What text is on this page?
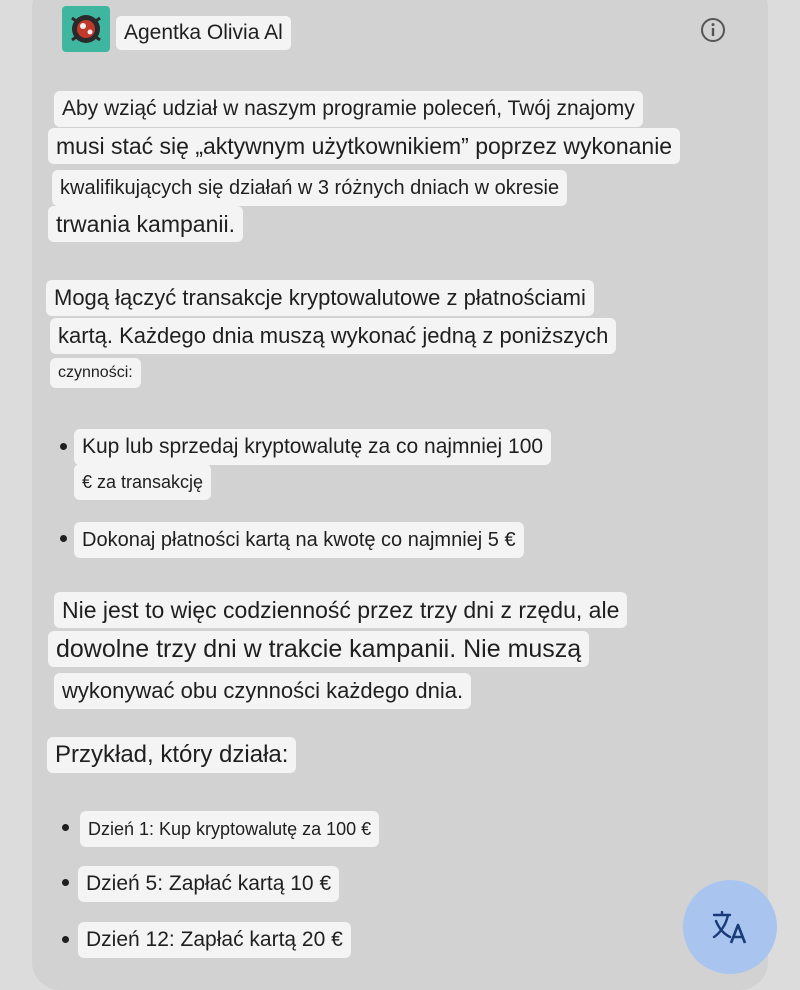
Agentka Olivia Al
Aby wziąć udział w naszym programie poleceń, Twój znajomy
musi stać się „aktywnym użytkownikiem” poprzez wykonanie
kwalifikujących się działań w 3 różnych dniach w okresie
trwania kampanii.
Mogą łączyć transakcje kryptowalutowe z płatnościami
kartą. Każdego dnia muszą wykonać jedną z poniższych
czynności:
Kup lub sprzedaj kryptowalutę za co najmniej 100
€ za transakcję
Dokonaj płatności kartą na kwotę co najmniej 5 €
Nie jest to więc codzienność przez trzy dni z rzędu, ale
dowolne trzy dni w trakcie kampanii. Nie muszą
wykonywać obu czynności każdego dnia.
Przykład, który działa:
Dzień 1: Kup kryptowalutę za 100 €
Dzień 5: Zapłać kartą 10 €
Dzień 12: Zapłać kartą 20 €
